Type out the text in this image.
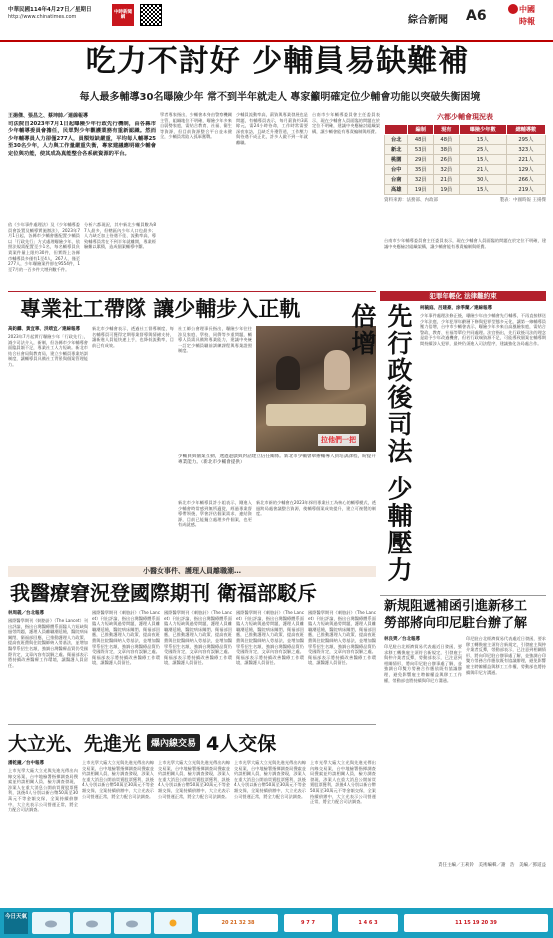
中華民國114年4月27日／星期日
http://www.chinatimes.com
中時新聞網	綜合新聞 A6	中國
時報
吃力不討好 少輔員易缺難補
每人最多輔導30名曝險少年 常不到半年就走人 專家籲明確定位少輔會功能以突破失衡困境
王揚傑、張昌之、蔡坤帥／連線報導
司法院自2023年7月1日起曝險少年行政先行機制，由各縣市少年輔導委員會擔任，民眾對少年觀護業務有重新認識。然而少年輔導員人力卻僅277人，員額短缺嚴重，平均每人輔導25至30名少年，人力與工作量嚴重失衡，專家建議應明確少輔會定位與功能，使其成為真能整合各系統資源的平台。
依《少年事件處理法》及《少年輔導委員會設置及輔導實施辦法》，2023年7月1日起，各縣市少輔會應配置少輔員以「行政先行」方式處理曝險少年，依照法規需配置至少1名，每名輔導員負責案件量上限約30件，但實際上各縣市輔導員多僅有1至4人，267人、僅至277人，少年曝險案件卻在9554件，1至7月的一百多件大增到數千件。
分析六都現況，其中新北少輔員數為87人最多，但轄區內少年人口也最多；人力缺乏加上待遇不佳、流動率高，導致輔導員常在不到半年就離開，專業經驗難以累積，造成個案輔導中斷。
學者專家指出，少輔會本身由警察機關主管，組織地位不明確，曝險少年多來自弱勢家庭，需結合教育、社福、衛生等資源，但目前資源整合平台並未健全，少輔員常陷入孤軍奮戰。
少輔員流動率高，薪資與專業發展也是問題，有輔導員表示，每月薪資約3萬餘元，需24小時待命，工作時常需要深夜家訪，且缺乏升遷管道，工作壓力與待遇不成正比，許多人做不到一年就離職。
台南市少年輔導委員會主任委員表示，現在少輔會人員面臨的問題在於定位不明確，建議中央應檢討組織架構，讓少輔會能有專責編制與經費。
六都少輔會現況表
	編制	現有	曝險少年數	總輔導數
台北	48員	48員	15人	295人
新北	53員	38員	25人	323人
桃園	29員	26員	15人	221人
台中	35員	32員	21人	129人
台南	32員	21員	30人	266人
高雄	19員	19員	15人	219人
資料來源：法務部、內政部	製表：中國時報 王揚傑
台南市少年輔導委員會主任委員表示，現在少輔會人員面臨的問題在於定位不明確，建議中央應檢討組織架構，讓少輔會能有專責編制與經費。
專業社工帶隊 讓少輔步入正軌
高鈞麟、黃宜寧、洪靖宜／連線報導
2023年7月起實行曝險少年「行政先行」，減少司法介入，新制，但各縣市少年輔導會面臨員額不足，專業社工人力短缺。新北市結合社會局與教育局，建立少輔員專業培訓制度，讓輔導員具備社工背景與個案管理能力。
新北市少輔會表示，透過社工督導制度，每名輔導員可獲得定期專業督導與情緒支持，讓新進人員能快速上手，也降低流動率，目前已有成效。
社工師公會理事長指出，曝險少年往往涉及家庭、學校、同儕等多重問題，輔導人員需具備跨專業能力，建議中央統一訂定少輔員職前訓練課程與專業證照制度。
新北市少年輔導員許小姐表示，剛進入少輔會時常感到無所適從，經過專業督導帶領後，學會評估個案需求、連結資源，目前已能獨立處理多件個案，也更有成就感。
新北市新的少輔會在2023年採用專業社工為核心的輔導模式，透過跨局處會議整合資源，使輔導個案成效提升，建立可複製的制度。
拉他們一把
少輔員與個案互動，透過遊戲與對話建立信任關係。新北市少輔會舉辦輔導人員培訓課程，盼提升專業能力。（新北市少輔會提供）
犯罪年輕化 法律難約束
先行政後司法 少輔壓力倍增	柯毓庭、呂建豪、涂季蘭／連線報導
少年事件處理法修正後，曝險少年由少輔會先行輔導，不再直接移送少年法庭，少年犯罪年齡層下修與犯罪型態多元化，讓第一線輔導員壓力倍增，台中市少輔會表示，曝險少年多來自高風險家庭，需結合警政、教育、社福等單位共同處理。法官指出，先行政後司法的理念是給予少年改過機會，但若行政端資源不足，可能導致個案在輔導期間持續涉入犯罪，最終仍須進入司法程序，建議強化各局處合作。
小醫女事件、護理人員離職潮…
我醫療窘況登國際期刊 衛福部駁斥
林周義／台北報導
國際醫學期刊《刺胳針》（The Lancet）刊出評論，指出台灣醫療體系面臨人力短缺與過勞問題，護理人員離職潮延燒，醫院病床關閉，衛福部回應，已推動護理人力政策、提高夜班費與住院醫師納入勞基法，並增加醫學系招生名額，強調台灣醫療品質仍受國際肯定，文章內容有誤解之處。衛福部表示將持續改善醫療工作環境，讓醫護人員留任。
國際醫學期刊《刺胳針》（The Lancet）刊出評論，指出台灣醫療體系面臨人力短缺與過勞問題，護理人員離職潮延燒，醫院病床關閉，衛福部回應，已推動護理人力政策、提高夜班費與住院醫師納入勞基法，並增加醫學系招生名額，強調台灣醫療品質仍受國際肯定，文章內容有誤解之處。衛福部表示將持續改善醫療工作環境，讓醫護人員留任。
國際醫學期刊《刺胳針》（The Lancet）刊出評論，指出台灣醫療體系面臨人力短缺與過勞問題，護理人員離職潮延燒，醫院病床關閉，衛福部回應，已推動護理人力政策、提高夜班費與住院醫師納入勞基法，並增加醫學系招生名額，強調台灣醫療品質仍受國際肯定，文章內容有誤解之處。衛福部表示將持續改善醫療工作環境，讓醫護人員留任。
國際醫學期刊《刺胳針》（The Lancet）刊出評論，指出台灣醫療體系面臨人力短缺與過勞問題，護理人員離職潮延燒，醫院病床關閉，衛福部回應，已推動護理人力政策、提高夜班費與住院醫師納入勞基法，並增加醫學系招生名額，強調台灣醫療品質仍受國際肯定，文章內容有誤解之處。衛福部表示將持續改善醫療工作環境，讓醫護人員留任。
國際醫學期刊《刺胳針》（The Lancet）刊出評論，指出台灣醫療體系面臨人力短缺與過勞問題，護理人員離職潮延燒，醫院病床關閉，衛福部回應，已推動護理人力政策、提高夜班費與住院醫師納入勞基法，並增加醫學系招生名額，強調台灣醫療品質仍受國際肯定，文章內容有誤解之處。衛福部表示將持續改善醫療工作環境，讓醫護人員留任。
新規阻遞補函引進新移工
勞部將向印尼駐台辦了解
林良齊／台北報導
印尼駐台北經濟貿易代表處近日發函，要求移工轉換雇主須符合新規定，引發雇主與仲介業者反彈，勞動部表示，已注意到相關情形，將向印尼駐台辦事處了解，並強調台印雙方勞務合作應依既有協議辦理，避免影響雇主聘僱權益與移工工作權，勞動部也將持續與印尼方溝通。
印尼駐台北經濟貿易代表處近日發函，要求移工轉換雇主須符合新規定，引發雇主與仲介業者反彈，勞動部表示，已注意到相關情形，將向印尼駐台辦事處了解，並強調台印雙方勞務合作應依既有協議辦理，避免影響雇主聘僱權益與移工工作權，勞動部也將持續與印尼方溝通。
大立光、先進光	爆內線交易 4人交保
潘乾鐘／台中報導
上市光學大廠大立光與先進光傳出內線交易案，台中地檢署指揮調查局搜索並約談相關人員，檢方調查發現，涉案人在重大消息公開前買賣股票獲利，訊後4人分別以新台幣50萬至30萬元不等金額交保，全案持續偵辦中，大立光表示公司營運正常，將全力配合司法調查。
上市光學大廠大立光與先進光傳出內線交易案，台中地檢署指揮調查局搜索並約談相關人員，檢方調查發現，涉案人在重大消息公開前買賣股票獲利，訊後4人分別以新台幣50萬至30萬元不等金額交保，全案持續偵辦中，大立光表示公司營運正常，將全力配合司法調查。
上市光學大廠大立光與先進光傳出內線交易案，台中地檢署指揮調查局搜索並約談相關人員，檢方調查發現，涉案人在重大消息公開前買賣股票獲利，訊後4人分別以新台幣50萬至30萬元不等金額交保，全案持續偵辦中，大立光表示公司營運正常，將全力配合司法調查。
上市光學大廠大立光與先進光傳出內線交易案，台中地檢署指揮調查局搜索並約談相關人員，檢方調查發現，涉案人在重大消息公開前買賣股票獲利，訊後4人分別以新台幣50萬至30萬元不等金額交保，全案持續偵辦中，大立光表示公司營運正常，將全力配合司法調查。
上市光學大廠大立光與先進光傳出內線交易案，台中地檢署指揮調查局搜索並約談相關人員，檢方調查發現，涉案人在重大消息公開前買賣股票獲利，訊後4人分別以新台幣50萬至30萬元不等金額交保，全案持續偵辦中，大立光表示公司營運正常，將全力配合司法調查。
責任主編／王莉鈴　美術編輯／謝　浩　美編／鄧道益
今日天氣
20 21 32 38	9 7 7	1 4 6 3	11 15 19 20 39
